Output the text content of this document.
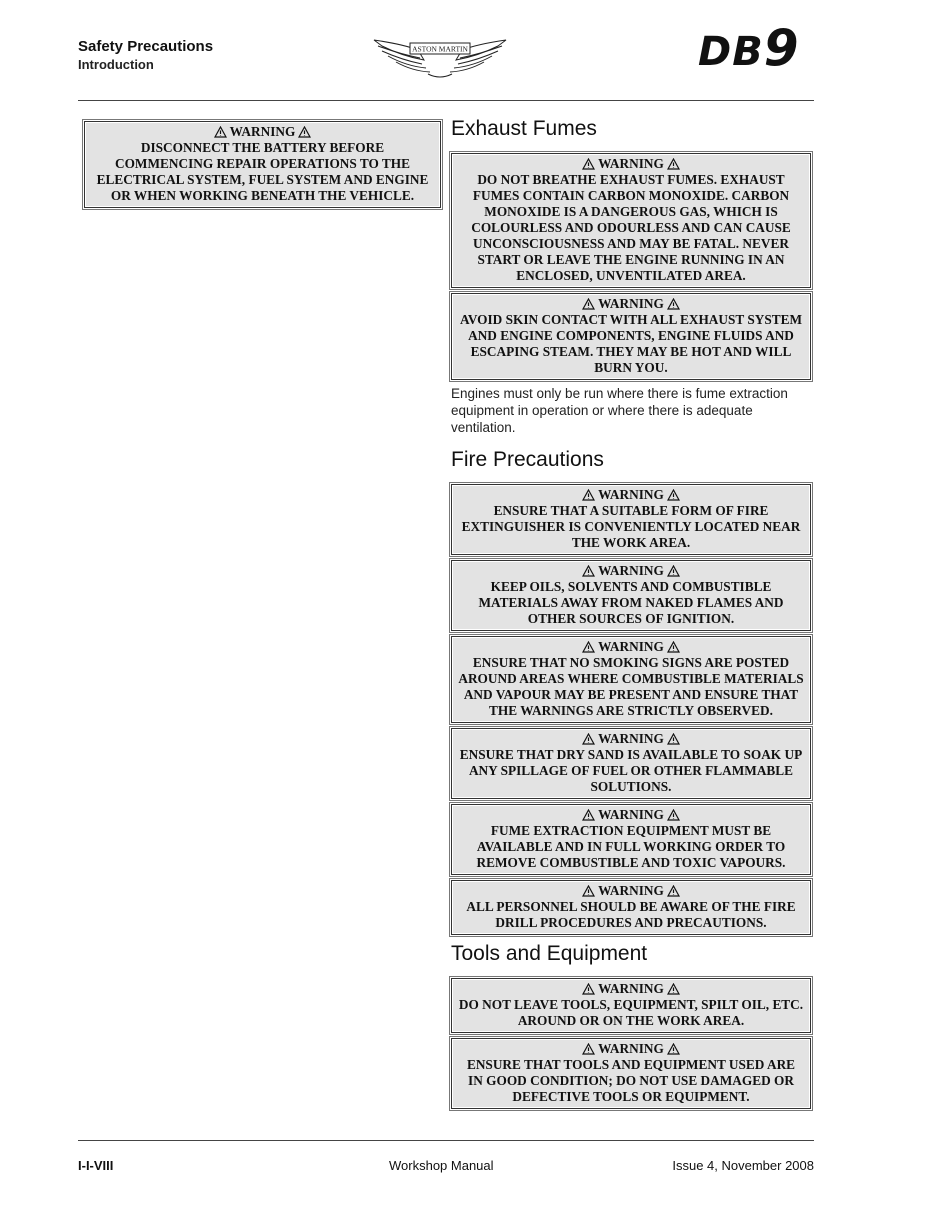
Safety Precautions
Introduction
ASTON MARTIN	DB9
WARNING
DISCONNECT THE BATTERY BEFORE COMMENCING REPAIR OPERATIONS TO THE ELECTRICAL SYSTEM, FUEL SYSTEM AND ENGINE OR WHEN WORKING BENEATH THE VEHICLE.
Exhaust Fumes
WARNING
DO NOT BREATHE EXHAUST FUMES. EXHAUST FUMES CONTAIN CARBON MONOXIDE. CARBON MONOXIDE IS A DANGEROUS GAS, WHICH IS COLOURLESS AND ODOURLESS AND CAN CAUSE UNCONSCIOUSNESS AND MAY BE FATAL. NEVER START OR LEAVE THE ENGINE RUNNING IN AN ENCLOSED, UNVENTILATED AREA.
WARNING
AVOID SKIN CONTACT WITH ALL EXHAUST SYSTEM AND ENGINE COMPONENTS, ENGINE FLUIDS AND ESCAPING STEAM. THEY MAY BE HOT AND WILL BURN YOU.

Engines must only be run where there is fume extraction equipment in operation or where there is adequate ventilation.

Fire Precautions
WARNING
ENSURE THAT A SUITABLE FORM OF FIRE EXTINGUISHER IS CONVENIENTLY LOCATED NEAR THE WORK AREA.
WARNING
KEEP OILS, SOLVENTS AND COMBUSTIBLE MATERIALS AWAY FROM NAKED FLAMES AND OTHER SOURCES OF IGNITION.
WARNING
ENSURE THAT NO SMOKING SIGNS ARE POSTED AROUND AREAS WHERE COMBUSTIBLE MATERIALS AND VAPOUR MAY BE PRESENT AND ENSURE THAT THE WARNINGS ARE STRICTLY OBSERVED.
WARNING
ENSURE THAT DRY SAND IS AVAILABLE TO SOAK UP ANY SPILLAGE OF FUEL OR OTHER FLAMMABLE SOLUTIONS.
WARNING
FUME EXTRACTION EQUIPMENT MUST BE AVAILABLE AND IN FULL WORKING ORDER TO REMOVE COMBUSTIBLE AND TOXIC VAPOURS.
WARNING
ALL PERSONNEL SHOULD BE AWARE OF THE FIRE DRILL PROCEDURES AND PRECAUTIONS.
Tools and Equipment
WARNING
DO NOT LEAVE TOOLS, EQUIPMENT, SPILT OIL, ETC. AROUND OR ON THE WORK AREA.
WARNING
ENSURE THAT TOOLS AND EQUIPMENT USED ARE IN GOOD CONDITION; DO NOT USE DAMAGED OR DEFECTIVE TOOLS OR EQUIPMENT.
I-I-VIII	Workshop Manual	Issue 4, November 2008
